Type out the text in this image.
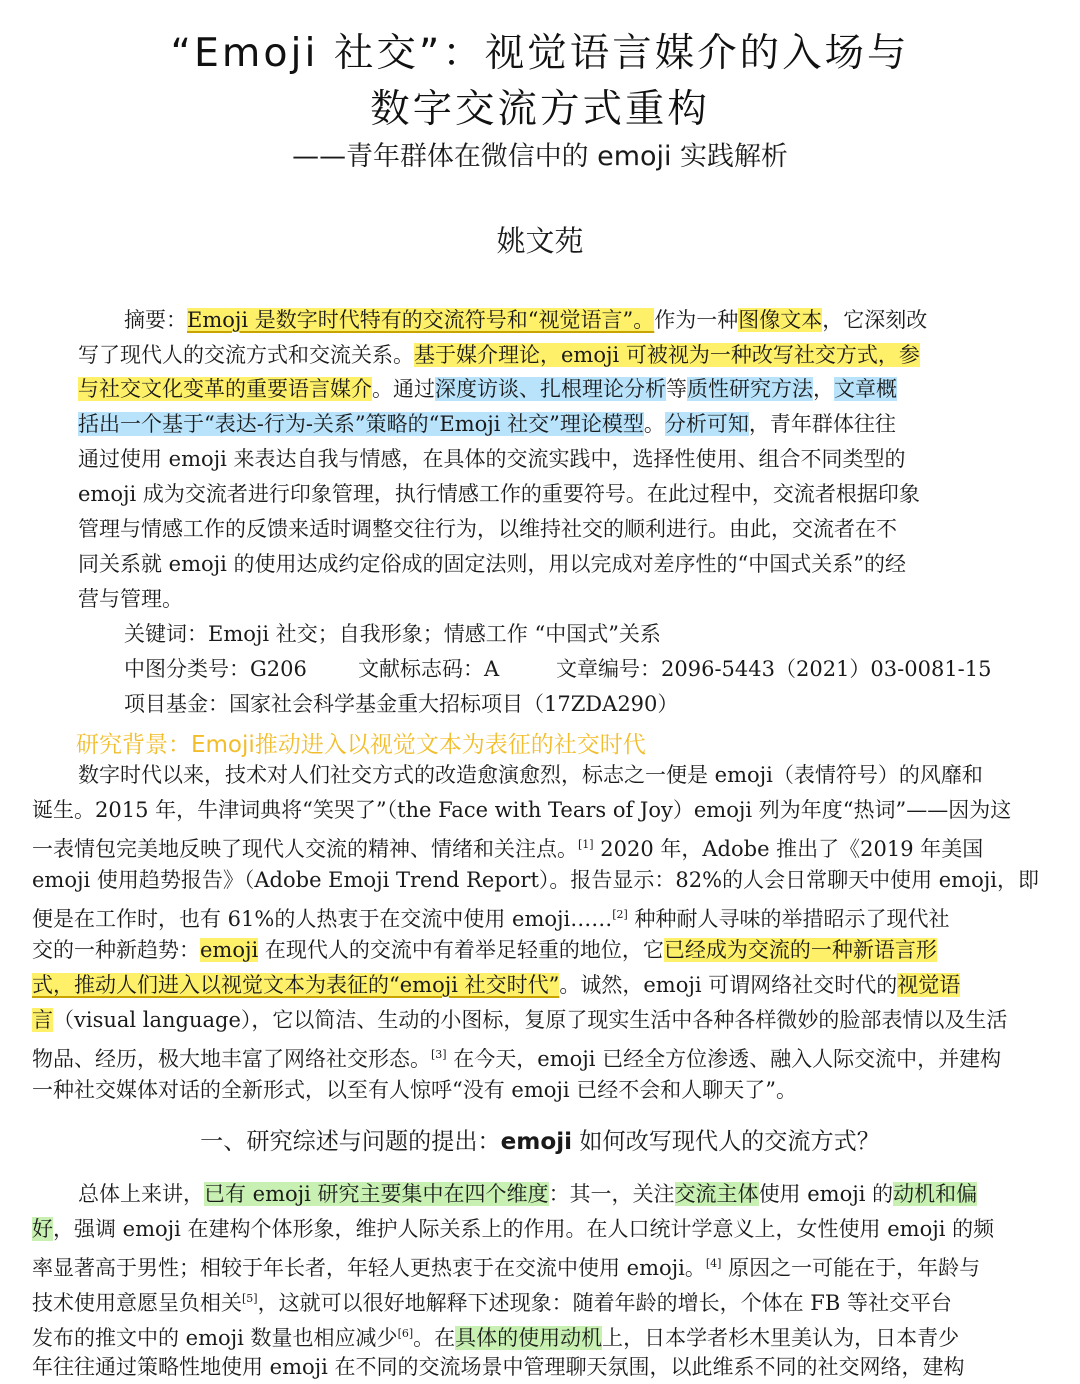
“Emoji 社交”：视觉语言媒介的入场与
数字交流方式重构
——青年群体在微信中的 emoji 实践解析
姚文苑
摘要：Emoji 是数字时代特有的交流符号和“视觉语言”。作为一种图像文本，它深刻改
写了现代人的交流方式和交流关系。基于媒介理论，emoji 可被视为一种改写社交方式，参
与社交文化变革的重要语言媒介。通过深度访谈、扎根理论分析等质性研究方法，文章概
括出一个基于“表达-行为-关系”策略的“Emoji 社交”理论模型。分析可知，青年群体往往
通过使用 emoji 来表达自我与情感，在具体的交流实践中，选择性使用、组合不同类型的
emoji 成为交流者进行印象管理，执行情感工作的重要符号。在此过程中，交流者根据印象
管理与情感工作的反馈来适时调整交往行为，以维持社交的顺利进行。由此，交流者在不
同关系就 emoji 的使用达成约定俗成的固定法则，用以完成对差序性的“中国式关系”的经
营与管理。
关键词：Emoji 社交；自我形象；情感工作 “中国式”关系
中图分类号：G206 文献标志码：A	文章编号：2096-5443（2021）03-0081-15
项目基金：国家社会科学基金重大招标项目（17ZDA290）
研究背景：Emoji推动进入以视觉文本为表征的社交时代
数字时代以来，技术对人们社交方式的改造愈演愈烈，标志之一便是 emoji（表情符号）的风靡和
诞生。2015 年，牛津词典将“笑哭了”（the Face with Tears of Joy）emoji 列为年度“热词”——因为这
一表情包完美地反映了现代人交流的精神、情绪和关注点。[1] 2020 年，Adobe 推出了《2019 年美国
emoji 使用趋势报告》（Adobe Emoji Trend Report）。报告显示：82%的人会日常聊天中使用 emoji，即
便是在工作时，也有 61%的人热衷于在交流中使用 emoji……[2] 种种耐人寻味的举措昭示了现代社
交的一种新趋势：emoji 在现代人的交流中有着举足轻重的地位，它已经成为交流的一种新语言形
式，推动人们进入以视觉文本为表征的“emoji 社交时代”。诚然，emoji 可谓网络社交时代的视觉语
言（visual language），它以简洁、生动的小图标，复原了现实生活中各种各样微妙的脸部表情以及生活
物品、经历，极大地丰富了网络社交形态。[3] 在今天，emoji 已经全方位渗透、融入人际交流中，并建构
一种社交媒体对话的全新形式，以至有人惊呼“没有 emoji 已经不会和人聊天了”。
一、研究综述与问题的提出：emoji 如何改写现代人的交流方式？
总体上来讲，已有 emoji 研究主要集中在四个维度：其一，关注交流主体使用 emoji 的动机和偏
好，强调 emoji 在建构个体形象，维护人际关系上的作用。在人口统计学意义上，女性使用 emoji 的频
率显著高于男性；相较于年长者，年轻人更热衷于在交流中使用 emoji。[4] 原因之一可能在于，年龄与
技术使用意愿呈负相关[5]，这就可以很好地解释下述现象：随着年龄的增长，个体在 FB 等社交平台
发布的推文中的 emoji 数量也相应减少[6]。在具体的使用动机上，日本学者杉木里美认为，日本青少
年往往通过策略性地使用 emoji 在不同的交流场景中管理聊天氛围，以此维系不同的社交网络，建构
